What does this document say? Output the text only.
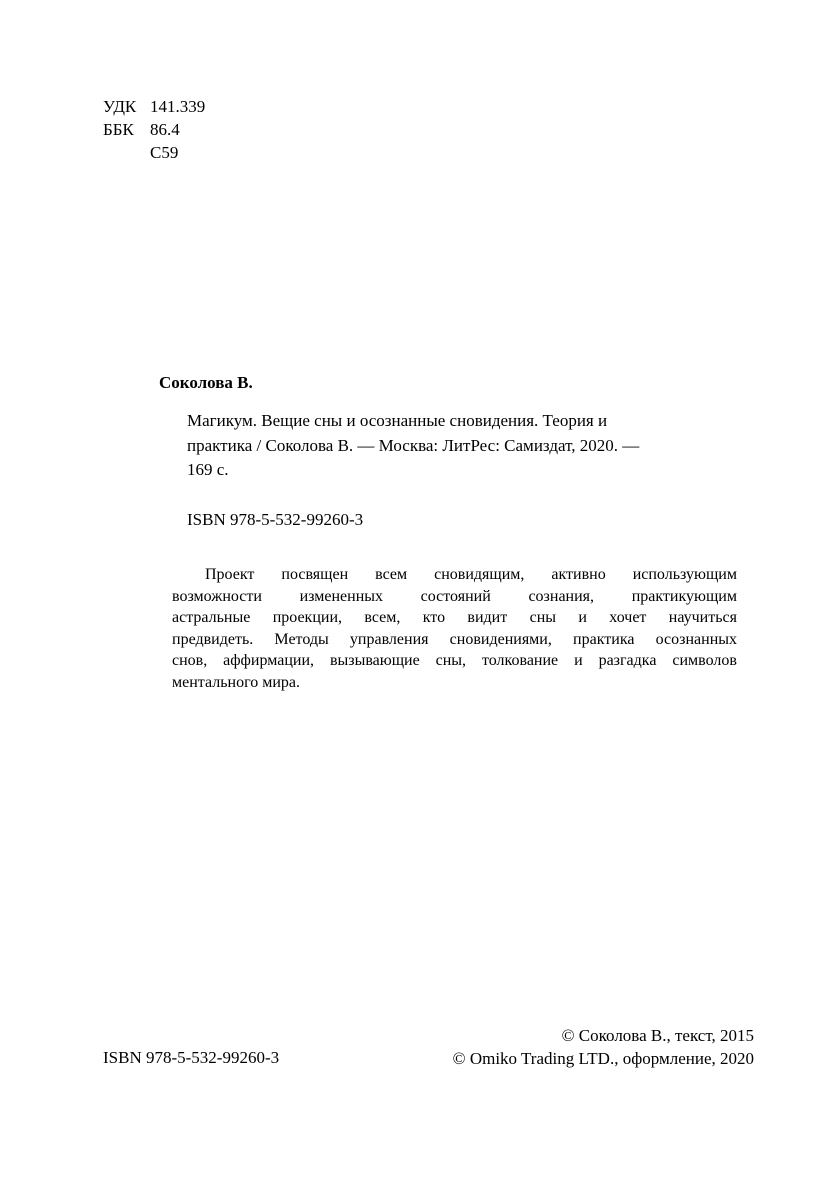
УДК 141.339
ББК 86.4
С59
Соколова В.
Магикум. Вещие сны и осознанные сновидения. Теория и
практика / Соколова В. — Москва: ЛитРес: Самиздат, 2020. —
169 с.
ISBN 978-5-532-99260-3
Проект посвящен всем сновидящим, активно использующим
возможности измененных состояний сознания, практикующим
астральные проекции, всем, кто видит сны и хочет научиться
предвидеть. Методы управления сновидениями, практика осознанных
снов, аффирмации, вызывающие сны, толкование и разгадка символов
ментального мира.
ISBN 978-5-532-99260-3
© Соколова В., текст, 2015
© Omiko Trading LTD., оформление, 2020
